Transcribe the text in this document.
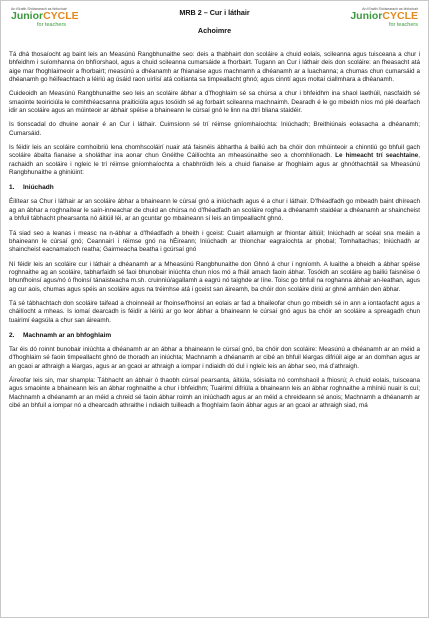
An tSraith Shóisearach as bhfochair
JuniorCYCLE
for teachers
MRB 2 – Cur i láthair
Achoimre
An tSraith Shóisearach as bhfochair
JuniorCYCLE
for teachers

Tá dhá thosaíocht ag baint leis an Measúnú Rangbhunaithe seo: deis a thabhairt don scoláire a chuid eolais, scileanna agus tuisceana a chur i bhfeidhm i suíomhanna ón bhfíorshaol, agus a chuid scileanna cumarsáide a fhorbairt. Tugann an Cur i láthair deis don scoláire: an fheasacht atá aige mar fhoghlaimeoir a fhorbairt; measúnú a dhéanamh ar fhianaise agus machnamh a dhéanamh ar a luachanna; a chumas chun cumarsáid a dhéanamh go héifeachtach a léiriú ag úsáid raon uirlisí atá coitianta sa timpeallacht ghnó; agus cinntí agus moltaí ciallmhara a dhéanamh.

Cuideoidh an Measúnú Rangbhunaithe seo leis an scoláire ábhar a d’fhoghlaim sé sa chúrsa a chur i bhfeidhm ina shaol laethúil, nascfaidh sé smaointe teoiriciúla le comhthéacsanna praiticiúla agus tosóidh sé ag forbairt scileanna machnaimh. Dearadh é le go mbeidh níos mó plé dearfach idir an scoláire agus an múinteoir ar ábhair spéise a bhaineann le cúrsaí gnó le linn na dtrí bliana staidéir.

Is tionscadal do dhuine aonair é an Cur i láthair. Cuimsíonn sé trí réimse gníomhaíochta: Iniúchadh; Breithiúnais eolasacha a dhéanamh; Cumarsáid.

Is féidir leis an scoláire comhoibriú lena chomhscoláirí nuair atá faisnéis ábhartha á bailiú ach ba chóir don mhúinteoir a chinntiú go bhfuil gach scoláire ábalta fianaise a sholáthar ina aonar chun Gnéithe Cáilíochta an mheasúnaithe seo a chomhlíonadh. Le himeacht trí seachtaine, rachaidh an scoláire i ngleic le trí réimse gníomhaíochta a chabhróidh leis a chuid fianaise ar fhoghlaim agus ar ghnóthachtáil sa Mheasúnú Rangbhunaithe a ghiniúint:

1. Iniúchadh

Éilítear sa Chur i láthair ar an scoláire ábhar a bhaineann le cúrsaí gnó a iniúchadh agus é a chur i láthair. D’fhéadfadh go mbeadh baint dhíreach ag an ábhar a roghnaítear le saín-inneachar de chuid an chúrsa nó d’fhéadfadh an scoláire rogha a dhéanamh staidéar a dhéanamh ar shaincheist a bhfuil tábhacht phearsanta nó áitiúil léi, ar an gcuntar go mbaineann sí leis an timpeallacht ghnó.

Tá siad seo a leanas i measc na n-ábhar a d’fhéadfadh a bheith i gceist: Cuairt allamuigh ar fhiontar áitiúil; Iniúchadh ar scéal sna meáin a bhaineann le cúrsaí gnó; Ceannairí i réimse gnó na hÉireann; Iniúchadh ar thionchar eagraíochta ar phobal; Tomhaltachas; Iniúchadh ar shaincheist eacnamaíoch reatha; Gairmeacha beatha i gcúrsaí gnó

Ní féidir leis an scoláire cur i láthair a dhéanamh ar a Mheasúnú Rangbhunaithe don Ghnó á chur i ngníomh. A luaithe a bheidh a ábhar spéise roghnaithe ag an scoláire, tabharfaidh sé faoi bhunobair iniúchta chun níos mó a fháil amach faoin ábhar. Tosóidh an scoláire ag bailiú faisnéise ó bhunfhoinsí agus/nó ó fhoinsí tánaisteacha m.sh. cruinniú/agallamh a eagrú nó taighde ar líne. Toisc go bhfuil na roghanna ábhair an-leathan, agus ag cur aois, chumas agus spéis an scoláire agus na tréimhse atá i gceist san áireamh, ba chóir don scoláire díriú ar ghné amháin den ábhar.

Tá sé tábhachtach don scoláire taifead a choinneáil ar fhoinse/fhoinsí an eolais ar fad a bhaileofar chun go mbeidh sé in ann a iontaofacht agus a cháilíocht a mheas. Is iomaí dearcadh is féidir a léiriú ar go leor ábhar a bhaineann le cúrsaí gnó agus ba chóir an scoláire a spreagadh chun tuairimí éagsúla a chur san áireamh.

2. Machnamh ar an bhfoghlaim

Tar éis dó roinnt bunobair iniúchta a dhéanamh ar an ábhar a bhaineann le cúrsaí gnó, ba chóir don scoláire: Measúnú a dhéanamh ar an méid a d’fhoghlaim sé faoin timpeallacht ghnó de thoradh an iniúchta; Machnamh a dhéanamh ar cibé an bhfuil léargas difriúil aige ar an domhan agus ar an gcaoi ar athraigh a léargas, agus ar an gcaoi ar athraigh a iompar i ndiaidh dó dul i ngleic leis an ábhar seo, má d’athraigh.

Áireofar leis sin, mar shampla: Tábhacht an ábhair ó thaobh cúrsaí pearsanta, áitiúla, sóisialta nó comhshaoil a fhiosrú; A chuid eolais, tuisceana agus smaointe a bhaineann leis an ábhar roghnaithe a chur i bhfeidhm; Tuairimí difriúla a bhaineann leis an ábhar roghnaithe a mhíniú nuair is cuí; Machnamh a dhéanamh ar an méid a chreid sé faoin ábhar roimh an iniúchadh agus ar an méid a chreideann sé anois; Machnamh a dhéanamh ar cibé an bhfuil a iompar nó a dhearcadh athraithe i ndiaidh tuilleadh a fhoghlaim faoin ábhar agus ar an gcaoi ar athraigh siad, má
